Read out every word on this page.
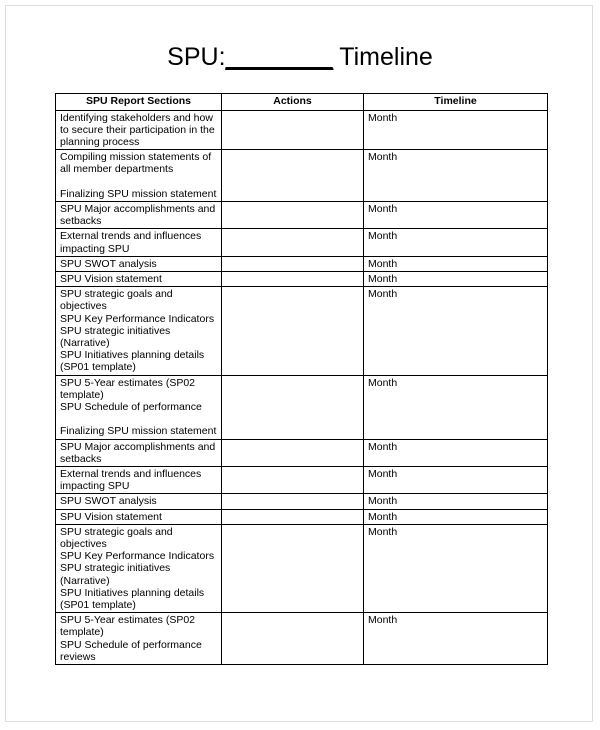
SPU:________ Timeline
SPU Report Sections	Actions	Timeline

Identifying stakeholders and how to secure their participation in the planning process		Month

Compiling mission statements of all member departments
Finalizing SPU mission statement		Month

SPU Major accomplishments and setbacks		Month

External trends and influences impacting SPU		Month

SPU SWOT analysis		Month

SPU Vision statement		Month

SPU strategic goals and objectives
SPU Key Performance Indicators
SPU strategic initiatives (Narrative)
SPU Initiatives planning details (SP01 template)		Month

SPU 5-Year estimates (SP02 template)
SPU Schedule of performance
Finalizing SPU mission statement		Month

SPU Major accomplishments and setbacks		Month

External trends and influences impacting SPU		Month

SPU SWOT analysis		Month

SPU Vision statement		Month

SPU strategic goals and objectives
SPU Key Performance Indicators
SPU strategic initiatives (Narrative)
SPU Initiatives planning details (SP01 template)		Month

SPU 5-Year estimates (SP02 template)
SPU Schedule of performance reviews		Month
